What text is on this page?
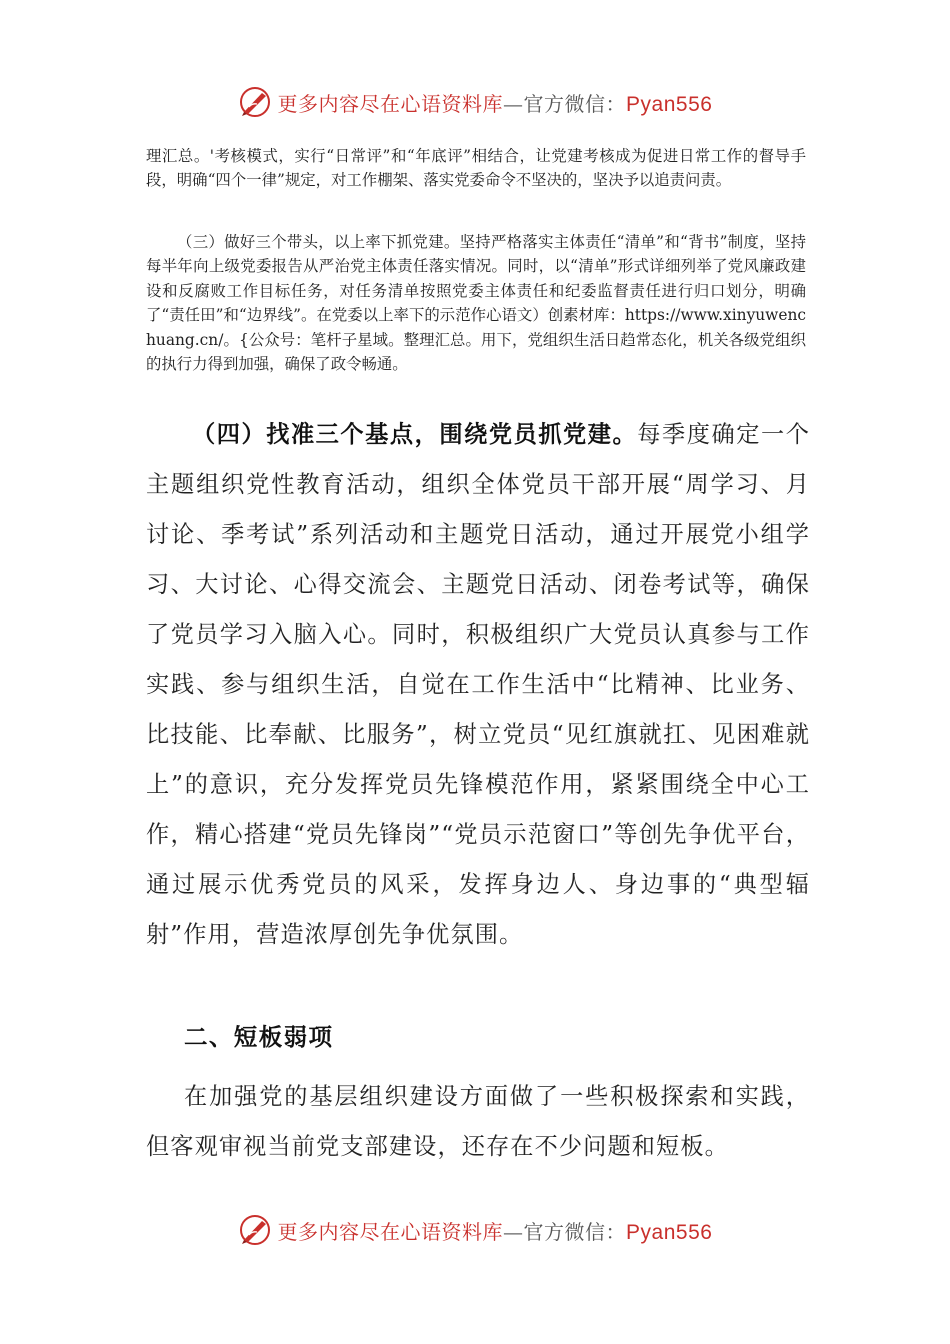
更多内容尽在心语资料库—官方微信：Pyan556

理汇总。'考核模式，实行“日常评”和“年底评”相结合，让党建考核成为促进日常工作的督导手段，明确“四个一律”规定，对工作棚架、落实党委命令不坚决的，坚决予以追责问责。

（三）做好三个带头，以上率下抓党建。坚持严格落实主体责任“清单”和“背书”制度，坚持每半年向上级党委报告从严治党主体责任落实情况。同时，以“清单”形式详细列举了党风廉政建设和反腐败工作目标任务，对任务清单按照党委主体责任和纪委监督责任进行归口划分，明确了“责任田”和“边界线”。在党委以上率下的示范作心语文）创素材库：https://www.xinyuwenchuang.cn/。{公众号：笔杆子星域。整理汇总。用下，党组织生活日趋常态化，机关各级党组织的执行力得到加强，确保了政令畅通。

（四）找准三个基点，围绕党员抓党建。每季度确定一个主题组织党性教育活动，组织全体党员干部开展“周学习、月讨论、季考试”系列活动和主题党日活动，通过开展党小组学习、大讨论、心得交流会、主题党日活动、闭卷考试等，确保了党员学习入脑入心。同时，积极组织广大党员认真参与工作实践、参与组织生活，自觉在工作生活中“比精神、比业务、比技能、比奉献、比服务”，树立党员“见红旗就扛、见困难就上”的意识，充分发挥党员先锋模范作用，紧紧围绕全中心工作，精心搭建“党员先锋岗”“党员示范窗口”等创先争优平台，通过展示优秀党员的风采，发挥身边人、身边事的“典型辐射”作用，营造浓厚创先争优氛围。

二、短板弱项

在加强党的基层组织建设方面做了一些积极探索和实践，但客观审视当前党支部建设，还存在不少问题和短板。

更多内容尽在心语资料库—官方微信：Pyan556
